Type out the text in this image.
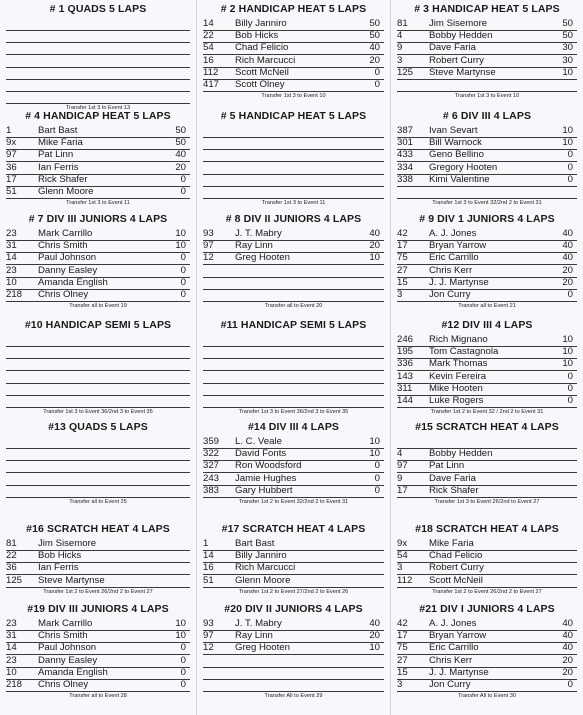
# 1 QUADS 5 LAPS
Transfer 1st 3 to Event 13
# 2 HANDICAP HEAT 5 LAPS
14	Billy Janniro	50
22	Bob Hicks	50
54	Chad Felicio	40
16	Rich Marcucci	20
112	Scott McNeil	0
417	Scott Olney	0
Transfer 1st 3 to Event 10
# 3 HANDICAP HEAT 5 LAPS
81	Jim Sisemore	50
4	Bobby Hedden	50
9	Dave Faria	30
3	Robert Curry	30
125	Steve Martynse	10
Transfer 1st 3 to Event 10
# 4 HANDICAP HEAT 5 LAPS
1	Bart Bast	50
9x	Mike Faria	50
97	Pat Linn	40
36	Ian Ferris	20
17	Rick Shafer	0
51	Glenn Moore	0
Transfer 1st 3 to Event 11
# 5 HANDICAP HEAT 5 LAPS
Transfer 1st 3 to Event 11
# 6 DIV III 4 LAPS
387	Ivan Sevart	10
301	Bill Warnock	10
433	Geno Bellino	0
334	Gregory Hooten	0
338	Kimi Valentine	0
Transfer 1st 3 to Event 32/2nd 2 to Event 31
# 7 DIV III JUNIORS 4 LAPS
23	Mark Carrillo	10
31	Chris Smith	10
14	Paul Johnson	0
23	Danny Easley	0
10	Amanda English	0
218	Chris Olney	0
Transfer all to Event 19
# 8 DIV II JUNIORS 4 LAPS
93	J. T. Mabry	40
97	Ray Linn	20
12	Greg Hooten	10
Transfer all to Event 20
# 9 DIV 1 JUNIORS 4 LAPS
42	A. J. Jones	40
17	Bryan Yarrow	40
75	Eric Carrillo	40
27	Chris Kerr	20
15	J. J. Martynse	20
3	Jon Curry	0
Transfer all to Event 21
#10 HANDICAP SEMI 5 LAPS
Transfer 1st 3 to Event 36/2nd 3 to Event 35
#11 HANDICAP SEMI 5 LAPS
Transfer 1st 3 to Event 36/2nd 3 to Event 35
#12 DIV III 4 LAPS
246	Rich Mignano	10
195	Tom Castagnola	10
336	Mark Thomas	10
143	Kevin Fereira	0
311	Mike Hooten	0
144	Luke Rogers	0
Transfer 1st 2 to Event 32 / 2nd 2 to Event 31
#13 QUADS 5 LAPS
Transfer all to Event 25
#14 DIV III 4 LAPS
359	L. C. Veale	10
322	David Fonts	10
327	Ron Woodsford	0
243	Jamie Hughes	0
383	Gary Hubbert	0
Transfer 1st 2 to Event 32/2nd 2 to Event 31
#15 SCRATCH HEAT 4 LAPS
4	Bobby Hedden
97	Pat Linn
9	Dave Faria
17	Rick Shafer
Transfer 1st 3 to Event 26/2nd to Event 27
#16 SCRATCH HEAT 4 LAPS
81	Jim Sisemore
22	Bob Hicks
36	Ian Ferris
125	Steve Martynse
Transfer 1st 2 to Event 26/2nd 2 to Event 27
#17 SCRATCH HEAT 4 LAPS
1	Bart Bast
14	Billy Janniro
16	Rich Marcucci
51	Glenn Moore
Transfer 1st 2 to Event 27/2nd 2 to Event 26
#18 SCRATCH HEAT 4 LAPS
9x	Mike Faria
54	Chad Felicio
3	Robert Curry
112	Scott McNeil
Transfer 1st 2 to Event 26/2nd 2 to Event 27
#19 DIV III JUNIORS 4 LAPS
23	Mark Carrillo	10
31	Chris Smith	10
14	Paul Johnson	0
23	Danny Easley	0
10	Amanda English	0
218	Chris Olney	0
Transfer all to Event 28
#20 DIV II JUNIORS 4 LAPS
93	J. T. Mabry	40
97	Ray Linn	20
12	Greg Hooten	10
Transfer All to Event 29
#21 DIV I JUNIORS 4 LAPS
42	A. J. Jones	40
17	Bryan Yarrow	40
75	Eric Carrillo	40
27	Chris Kerr	20
15	J. J. Martynse	20
3	Jon Curry	0
Transfer All to Event 30
